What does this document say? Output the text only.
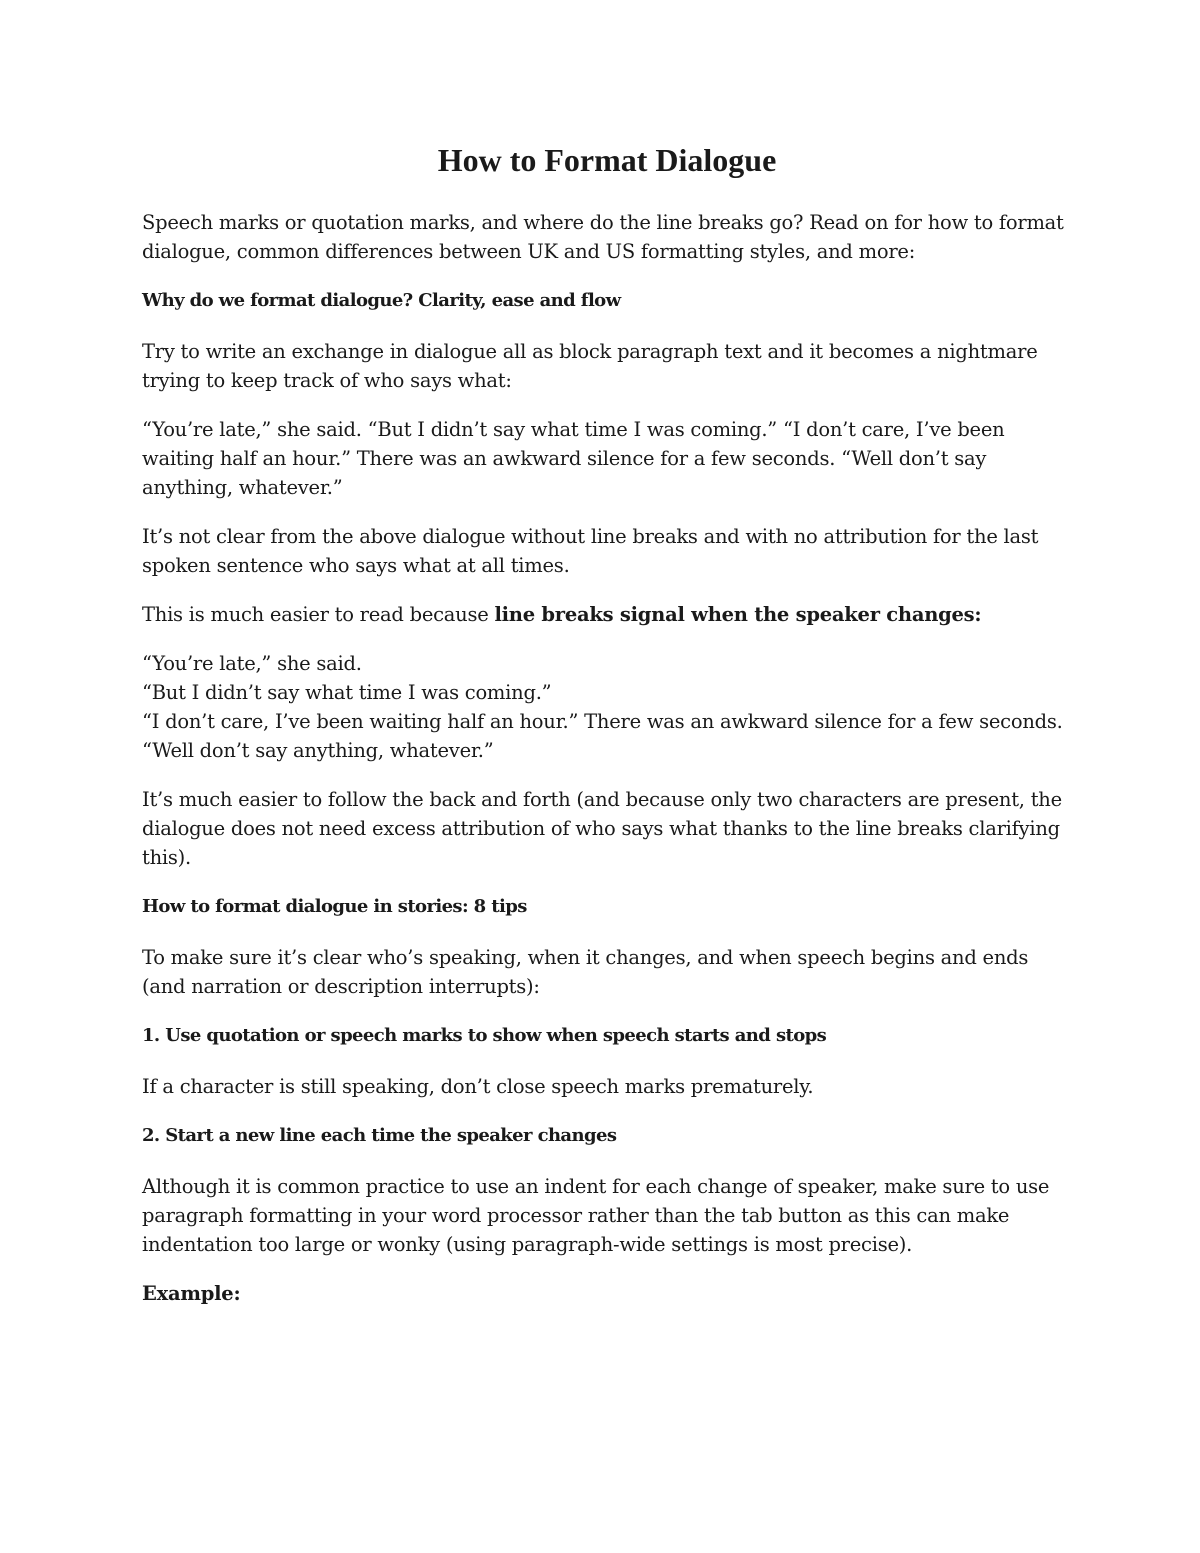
How to Format Dialogue

Speech marks or quotation marks, and where do the line breaks go? Read on for how to format dialogue, common differences between UK and US formatting styles, and more:

Why do we format dialogue? Clarity, ease and flow

Try to write an exchange in dialogue all as block paragraph text and it becomes a nightmare trying to keep track of who says what:

“You’re late,” she said. “But I didn’t say what time I was coming.” “I don’t care, I’ve been waiting half an hour.” There was an awkward silence for a few seconds. “Well don’t say anything, whatever.”

It’s not clear from the above dialogue without line breaks and with no attribution for the last spoken sentence who says what at all times.

This is much easier to read because line breaks signal when the speaker changes:

“You’re late,” she said.
“But I didn’t say what time I was coming.”
“I don’t care, I’ve been waiting half an hour.” There was an awkward silence for a few seconds. “Well don’t say anything, whatever.”

It’s much easier to follow the back and forth (and because only two characters are present, the dialogue does not need excess attribution of who says what thanks to the line breaks clarifying this).

How to format dialogue in stories: 8 tips

To make sure it’s clear who’s speaking, when it changes, and when speech begins and ends (and narration or description interrupts):

1. Use quotation or speech marks to show when speech starts and stops

If a character is still speaking, don’t close speech marks prematurely.

2. Start a new line each time the speaker changes

Although it is common practice to use an indent for each change of speaker, make sure to use paragraph formatting in your word processor rather than the tab button as this can make indentation too large or wonky (using paragraph-wide settings is most precise).

Example:
